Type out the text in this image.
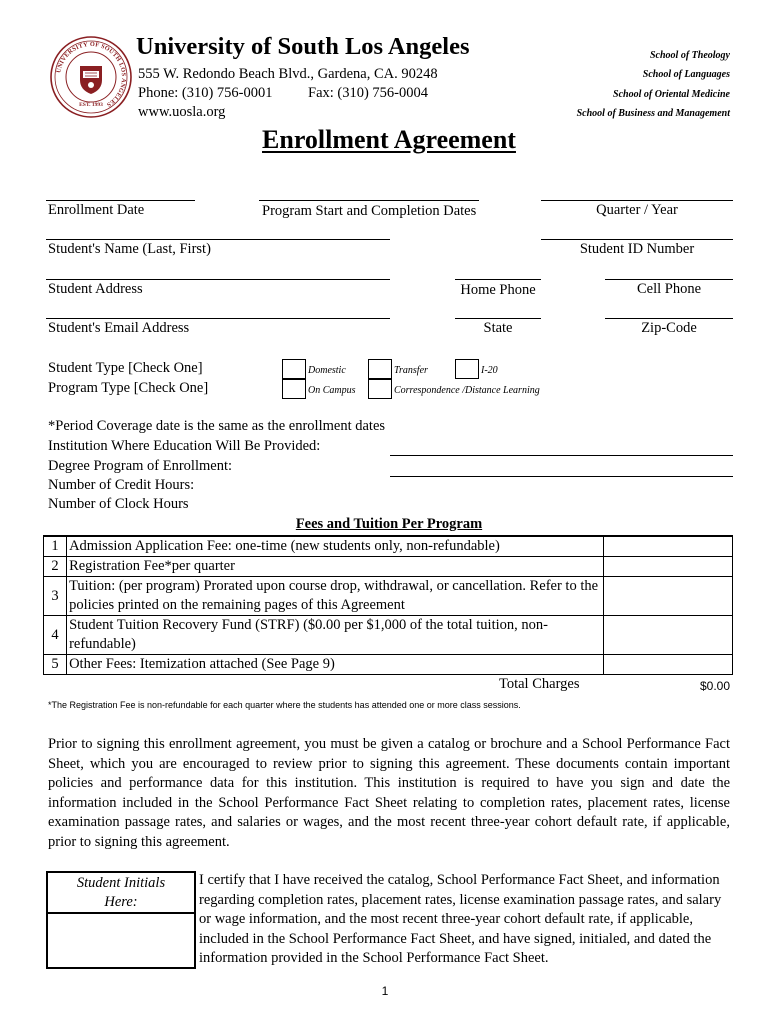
UNIVERSITY OF SOUTH LOS ANGELES
EST. 1993
University of South Los Angeles
555 W. Redondo Beach Blvd., Gardena, CA. 90248
Phone: (310) 756-0001 Fax: (310) 756-0004
www.uosla.org
School of Theology
School of Languages
School of Oriental Medicine
School of Business and Management
Enrollment Agreement
Enrollment Date	Program Start and Completion Dates	Quarter / Year
Student's Name (Last, First)	Student ID Number
Student Address	Home Phone	Cell Phone
Student's Email Address	State	Zip-Code
Student Type [Check One]
Program Type [Check One]
Domestic	Transfer	I-20
On Campus	Correspondence /Distance Learning
*Period Coverage date is the same as the enrollment dates
Institution Where Education Will Be Provided:
Degree Program of Enrollment:
Number of Credit Hours:
Number of Clock Hours
Fees and Tuition Per Program
1	Admission Application Fee: one-time (new students only, non-refundable)	
2	Registration Fee*per quarter	
3	Tuition: (per program) Prorated upon course drop, withdrawal, or cancellation. Refer to the policies printed on the remaining pages of this Agreement	
4	Student Tuition Recovery Fund (STRF) ($0.00 per $1,000 of the total tuition, non-refundable)	
5	Other Fees: Itemization attached (See Page 9)	
Total Charges	$0.00
*The Registration Fee is non-refundable for each quarter where the students has attended one or more class sessions.
Prior to signing this enrollment agreement, you must be given a catalog or brochure and a School Performance Fact Sheet, which you are encouraged to review prior to signing this agreement. These documents contain important policies and performance data for this institution. This institution is required to have you sign and date the information included in the School Performance Fact Sheet relating to completion rates, placement rates, license examination passage rates, and salaries or wages, and the most recent three-year cohort default rate, if applicable, prior to signing this agreement.
Student Initials
Here:
I certify that I have received the catalog, School Performance Fact Sheet, and information regarding completion rates, placement rates, license examination passage rates, and salary or wage information, and the most recent three-year cohort default rate, if applicable, included in the School Performance Fact Sheet, and have signed, initialed, and dated the information provided in the School Performance Fact Sheet.
1
